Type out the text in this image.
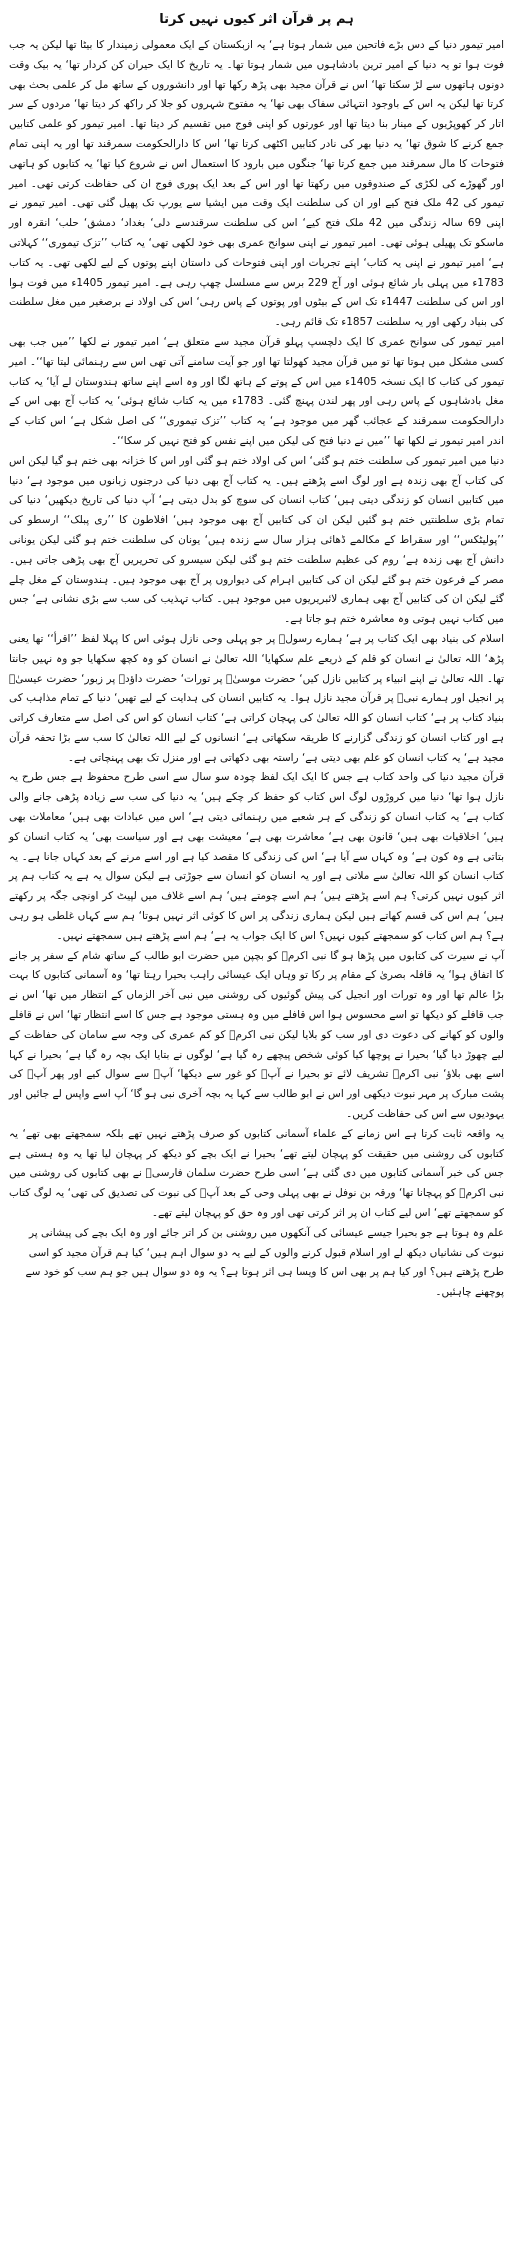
ہم پر قرآن اثر کیوں نہیں کرتا

امیر تیمور دنیا کے دس بڑے فاتحین میں شمار ہوتا ہے‘ یہ ازبکستان کے ایک معمولی زمیندار کا بیٹا تھا لیکن یہ جب فوت ہوا تو یہ دنیا کے امیر ترین بادشاہوں میں شمار ہوتا تھا۔ یہ تاریخ کا ایک حیران کن کردار تھا‘ یہ بیک وقت دونوں ہاتھوں سے لڑ سکتا تھا‘ اس نے قرآن مجید بھی پڑھ رکھا تھا اور دانشوروں کے ساتھ مل کر علمی بحث بھی کرتا تھا لیکن یہ اس کے باوجود انتہائی سفاک بھی تھا‘ یہ مفتوح شہروں کو جلا کر راکھ کر دیتا تھا‘ مردوں کے سر اتار کر کھوپڑیوں کے مینار بنا دیتا تھا اور عورتوں کو اپنی فوج میں تقسیم کر دیتا تھا۔ امیر تیمور کو علمی کتابیں جمع کرنے کا شوق تھا‘ یہ دنیا بھر کی نادر کتابیں اکٹھی کرتا تھا‘ اس کا دارالحکومت سمرقند تھا اور یہ اپنی تمام فتوحات کا مال سمرقند میں جمع کرتا تھا‘ جنگوں میں بارود کا استعمال اس نے شروع کیا تھا‘ یہ کتابوں کو ہاتھی اور گھوڑے کی لکڑی کے صندوقوں میں رکھتا تھا اور اس کے بعد ایک پوری فوج ان کی حفاظت کرتی تھی۔ امیر تیمور کی 42 ملک فتح کیے اور ان کی سلطنت ایک وقت میں ایشیا سے یورپ تک پھیل گئی تھی۔ امیر تیمور نے اپنی 69 سالہ زندگی میں 42 ملک فتح کیے‘ اس کی سلطنت سرقندسے دلی‘ بغداد‘ دمشق‘ حلب‘ انقرہ اور ماسکو تک پھیلی ہوئی تھی۔ امیر تیمور نے اپنی سوانح عمری بھی خود لکھی تھی‘ یہ کتاب ’’تزک تیموری‘‘ کہلاتی ہے‘ امیر تیمور نے اپنی یہ کتاب‘ اپنے تجربات اور اپنی فتوحات کی داستان اپنے پوتوں کے لیے لکھی تھی۔ یہ کتاب 1783ء میں پہلی بار شائع ہوئی اور آج 229 برس سے مسلسل چھپ رہی ہے۔ امیر تیمور 1405ء میں فوت ہوا اور اس کی سلطنت 1447ء تک اس کے بیٹوں اور پوتوں کے پاس رہی‘ اس کی اولاد نے برصغیر میں مغل سلطنت کی بنیاد رکھی اور یہ سلطنت 1857ء تک قائم رہی۔

امیر تیمور کی سوانح عمری کا ایک دلچسپ پہلو قرآن مجید سے متعلق ہے‘ امیر تیمور نے لکھا ’’میں جب بھی کسی مشکل میں ہوتا تھا تو میں قرآن مجید کھولتا تھا اور جو آیت سامنے آتی تھی اس سے رہنمائی لیتا تھا‘‘۔ امیر تیمور کی کتاب کا ایک نسخہ 1405ء میں اس کے پوتے کے ہاتھ لگا اور وہ اسے اپنے ساتھ ہندوستان لے آیا‘ یہ کتاب مغل بادشاہوں کے پاس رہی اور پھر لندن پہنچ گئی۔ 1783ء میں یہ کتاب شائع ہوئی‘ یہ کتاب آج بھی اس کے دارالحکومت سمرقند کے عجائب گھر میں موجود ہے‘ یہ کتاب ’’تزک تیموری‘‘ کی اصل شکل ہے‘ اس کتاب کے اندر امیر تیمور نے لکھا تھا ’’میں نے دنیا فتح کی لیکن میں اپنے نفس کو فتح نہیں کر سکا‘‘۔

دنیا میں امیر تیمور کی سلطنت ختم ہو گئی‘ اس کی اولاد ختم ہو گئی اور اس کا خزانہ بھی ختم ہو گیا لیکن اس کی کتاب آج بھی زندہ ہے اور لوگ اسے پڑھتے ہیں۔ یہ کتاب آج بھی دنیا کی درجنوں زبانوں میں موجود ہے‘ دنیا میں کتابیں انسان کو زندگی دیتی ہیں‘ کتاب انسان کی سوچ کو بدل دیتی ہے‘ آپ دنیا کی تاریخ دیکھیں‘ دنیا کی تمام بڑی سلطنتیں ختم ہو گئیں لیکن ان کی کتابیں آج بھی موجود ہیں‘ افلاطون کا ’’ری پبلک‘‘ ارسطو کی ’’پولیٹکس‘‘ اور سقراط کے مکالمے ڈھائی ہزار سال سے زندہ ہیں‘ یونان کی سلطنت ختم ہو گئی لیکن یونانی دانش آج بھی زندہ ہے‘ روم کی عظیم سلطنت ختم ہو گئی لیکن سیسرو کی تحریریں آج بھی پڑھی جاتی ہیں۔ مصر کے فرعون ختم ہو گئے لیکن ان کی کتابیں اہرام کی دیواروں پر آج بھی موجود ہیں۔ ہندوستان کے مغل چلے گئے لیکن ان کی کتابیں آج بھی ہماری لائبریریوں میں موجود ہیں۔ کتاب تہذیب کی سب سے بڑی نشانی ہے‘ جس میں کتاب نہیں ہوتی وہ معاشرہ ختم ہو جاتا ہے۔

اسلام کی بنیاد بھی ایک کتاب پر ہے‘ ہمارے رسولؐ پر جو پہلی وحی نازل ہوئی اس کا پہلا لفظ ’’اقرأ‘‘ تھا یعنی پڑھ‘ اللہ تعالیٰ نے انسان کو قلم کے ذریعے علم سکھایا‘ اللہ تعالیٰ نے انسان کو وہ کچھ سکھایا جو وہ نہیں جانتا تھا۔ اللہ تعالیٰ نے اپنے انبیاء پر کتابیں نازل کیں‘ حضرت موسیٰؑ پر تورات‘ حضرت داؤدؑ پر زبور‘ حضرت عیسیٰؑ پر انجیل اور ہمارے نبیؐ پر قرآن مجید نازل ہوا۔ یہ کتابیں انسان کی ہدایت کے لیے تھیں‘ دنیا کے تمام مذاہب کی بنیاد کتاب پر ہے‘ کتاب انسان کو اللہ تعالیٰ کی پہچان کراتی ہے‘ کتاب انسان کو اس کی اصل سے متعارف کراتی ہے اور کتاب انسان کو زندگی گزارنے کا طریقہ سکھاتی ہے‘ انسانوں کے لیے اللہ تعالیٰ کا سب سے بڑا تحفہ قرآن مجید ہے‘ یہ کتاب انسان کو علم بھی دیتی ہے‘ راستہ بھی دکھاتی ہے اور منزل تک بھی پہنچاتی ہے۔

قرآن مجید دنیا کی واحد کتاب ہے جس کا ایک ایک لفظ چودہ سو سال سے اسی طرح محفوظ ہے جس طرح یہ نازل ہوا تھا‘ دنیا میں کروڑوں لوگ اس کتاب کو حفظ کر چکے ہیں‘ یہ دنیا کی سب سے زیادہ پڑھی جانے والی کتاب ہے‘ یہ کتاب انسان کو زندگی کے ہر شعبے میں رہنمائی دیتی ہے‘ اس میں عبادات بھی ہیں‘ معاملات بھی ہیں‘ اخلاقیات بھی ہیں‘ قانون بھی ہے‘ معاشرت بھی ہے‘ معیشت بھی ہے اور سیاست بھی‘ یہ کتاب انسان کو بتاتی ہے وہ کون ہے‘ وہ کہاں سے آیا ہے‘ اس کی زندگی کا مقصد کیا ہے اور اسے مرنے کے بعد کہاں جانا ہے۔ یہ کتاب انسان کو اللہ تعالیٰ سے ملاتی ہے اور یہ انسان کو انسان سے جوڑتی ہے لیکن سوال یہ ہے یہ کتاب ہم پر اثر کیوں نہیں کرتی؟ ہم اسے پڑھتے ہیں‘ ہم اسے چومتے ہیں‘ ہم اسے غلاف میں لپیٹ کر اونچی جگہ پر رکھتے ہیں‘ ہم اس کی قسم کھاتے ہیں لیکن ہماری زندگی پر اس کا کوئی اثر نہیں ہوتا‘ ہم سے کہاں غلطی ہو رہی ہے؟ ہم اس کتاب کو سمجھتے کیوں نہیں؟ اس کا ایک جواب یہ ہے‘ ہم اسے پڑھتے ہیں سمجھتے نہیں۔

آپ نے سیرت کی کتابوں میں پڑھا ہو گا نبی اکرمؐ کو بچپن میں حضرت ابو طالب کے ساتھ شام کے سفر پر جانے کا اتفاق ہوا‘ یہ قافلہ بصریٰ کے مقام پر رکا تو وہاں ایک عیسائی راہب بحیرا رہتا تھا‘ وہ آسمانی کتابوں کا بہت بڑا عالم تھا اور وہ تورات اور انجیل کی پیش گوئیوں کی روشنی میں نبی آخر الزماں کے انتظار میں تھا‘ اس نے جب قافلے کو دیکھا تو اسے محسوس ہوا اس قافلے میں وہ ہستی موجود ہے جس کا اسے انتظار تھا‘ اس نے قافلے والوں کو کھانے کی دعوت دی اور سب کو بلایا لیکن نبی اکرمؐ کو کم عمری کی وجہ سے سامان کی حفاظت کے لیے چھوڑ دیا گیا‘ بحیرا نے پوچھا کیا کوئی شخص پیچھے رہ گیا ہے‘ لوگوں نے بتایا ایک بچہ رہ گیا ہے‘ بحیرا نے کہا اسے بھی بلاؤ‘ نبی اکرمؐ تشریف لائے تو بحیرا نے آپؐ کو غور سے دیکھا‘ آپؐ سے سوال کیے اور پھر آپؐ کی پشت مبارک پر مہر نبوت دیکھی اور اس نے ابو طالب سے کہا یہ بچہ آخری نبی ہو گا‘ آپ اسے واپس لے جائیں اور یہودیوں سے اس کی حفاظت کریں۔

یہ واقعہ ثابت کرتا ہے اس زمانے کے علماء آسمانی کتابوں کو صرف پڑھتے نہیں تھے بلکہ سمجھتے بھی تھے‘ یہ کتابوں کی روشنی میں حقیقت کو پہچان لیتے تھے‘ بحیرا نے ایک بچے کو دیکھ کر پہچان لیا تھا یہ وہ ہستی ہے جس کی خبر آسمانی کتابوں میں دی گئی ہے‘ اسی طرح حضرت سلمان فارسیؓ نے بھی کتابوں کی روشنی میں نبی اکرمؐ کو پہچانا تھا‘ ورقہ بن نوفل نے بھی پہلی وحی کے بعد آپؐ کی نبوت کی تصدیق کی تھی‘ یہ لوگ کتاب کو سمجھتے تھے‘ اس لیے کتاب ان پر اثر کرتی تھی اور وہ حق کو پہچان لیتے تھے۔

علم وہ ہوتا ہے جو بحیرا جیسے عیسائی کی آنکھوں میں روشنی بن کر اتر جائے اور وہ ایک بچے کی پیشانی پر نبوت کی نشانیاں دیکھ لے اور اسلام قبول کرنے والوں کے لیے یہ دو سوال اہم ہیں‘ کیا ہم قرآن مجید کو اسی طرح پڑھتے ہیں؟ اور کیا ہم پر بھی اس کا ویسا ہی اثر ہوتا ہے؟ یہ وہ دو سوال ہیں جو ہم سب کو خود سے پوچھنے چاہئیں۔
